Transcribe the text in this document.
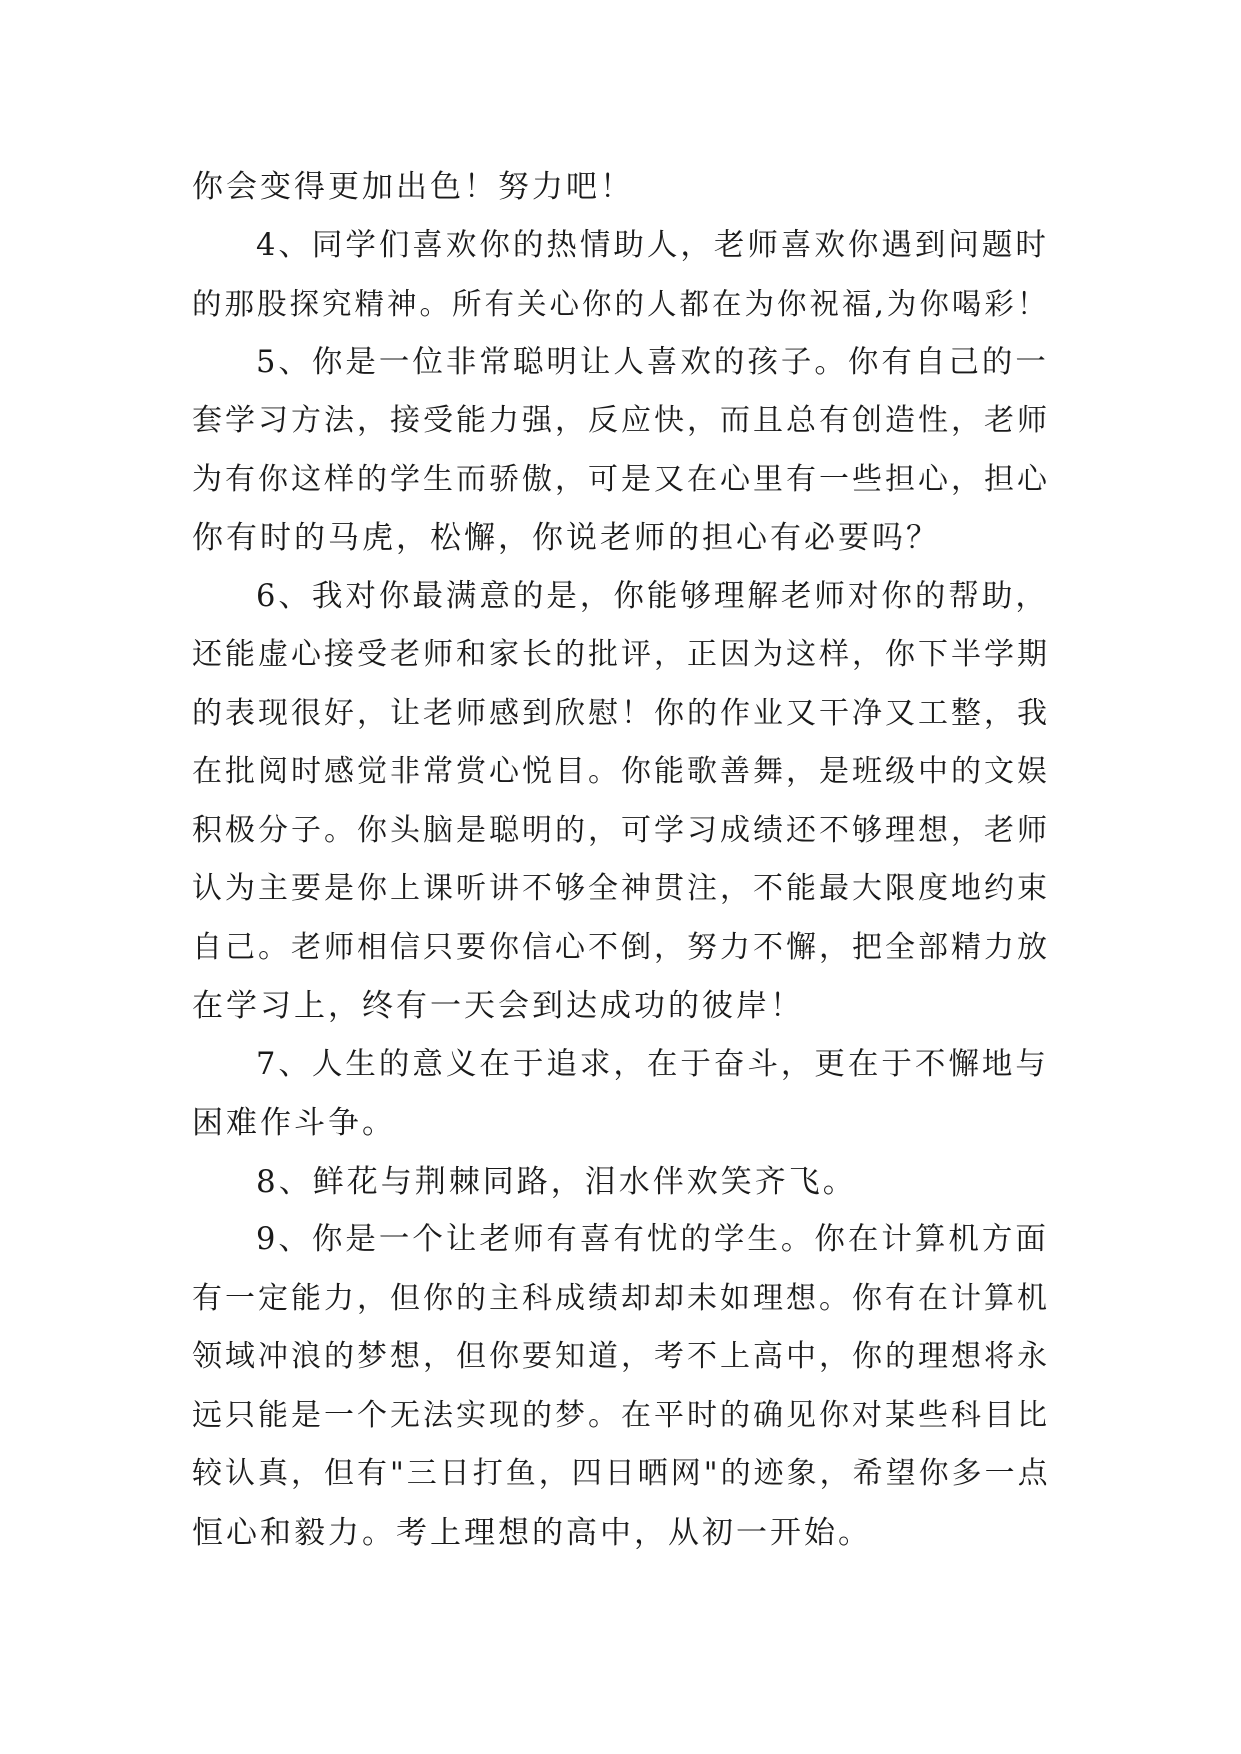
你会变得更加出色！努力吧！
4、同学们喜欢你的热情助人，老师喜欢你遇到问题时
的那股探究精神。所有关心你的人都在为你祝福,为你喝彩！
5、你是一位非常聪明让人喜欢的孩子。你有自己的一
套学习方法，接受能力强，反应快，而且总有创造性，老师
为有你这样的学生而骄傲，可是又在心里有一些担心，担心
你有时的马虎，松懈，你说老师的担心有必要吗？
6、我对你最满意的是，你能够理解老师对你的帮助，
还能虚心接受老师和家长的批评，正因为这样，你下半学期
的表现很好，让老师感到欣慰！你的作业又干净又工整，我
在批阅时感觉非常赏心悦目。你能歌善舞，是班级中的文娱
积极分子。你头脑是聪明的，可学习成绩还不够理想，老师
认为主要是你上课听讲不够全神贯注，不能最大限度地约束
自己。老师相信只要你信心不倒，努力不懈，把全部精力放
在学习上，终有一天会到达成功的彼岸！
7、人生的意义在于追求，在于奋斗，更在于不懈地与
困难作斗争。
8、鲜花与荆棘同路，泪水伴欢笑齐飞。
9、你是一个让老师有喜有忧的学生。你在计算机方面
有一定能力，但你的主科成绩却却未如理想。你有在计算机
领域冲浪的梦想，但你要知道，考不上高中，你的理想将永
远只能是一个无法实现的梦。在平时的确见你对某些科目比
较认真，但有"三日打鱼，四日晒网"的迹象，希望你多一点
恒心和毅力。考上理想的高中，从初一开始。
